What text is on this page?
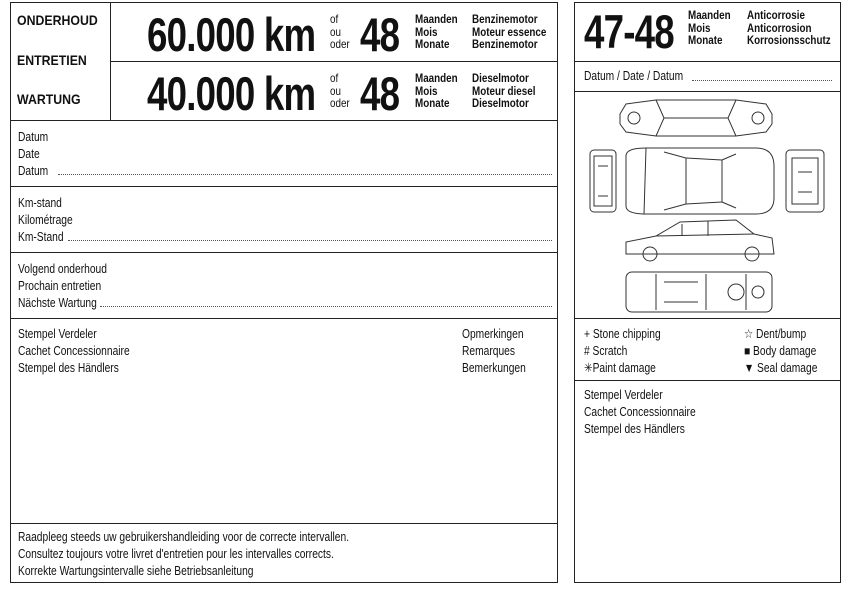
ONDERHOUD
ENTRETIEN
WARTUNG
60.000 km of
ou
oder 48 Maanden
Mois
Monate
Benzinemotor
Moteur essence
Benzinemotor
40.000 km of
ou
oder 48 Maanden
Mois
Monate
Dieselmotor
Moteur diesel
Dieselmotor
Datum
Date
Datum
Km-stand
Kilométrage
Km-Stand
Volgend onderhoud
Prochain entretien
Nächste Wartung
Stempel Verdeler
Cachet Concessionnaire
Stempel des Händlers
Opmerkingen
Remarques
Bemerkungen
Raadpleeg steeds uw gebruikershandleiding voor de correcte intervallen.
Consultez toujours votre livret d'entretien pour les intervalles corrects.
Korrekte Wartungsintervalle siehe Betriebsanleitung
47-48 Maanden
Mois
Monate
Anticorrosie
Anticorrosion
Korrosionsschutz
Datum / Date / Datum
+ Stone chipping
# Scratch
✳Paint damage
☆ Dent/bump
■ Body damage
▼ Seal damage
Stempel Verdeler
Cachet Concessionnaire
Stempel des Händlers
